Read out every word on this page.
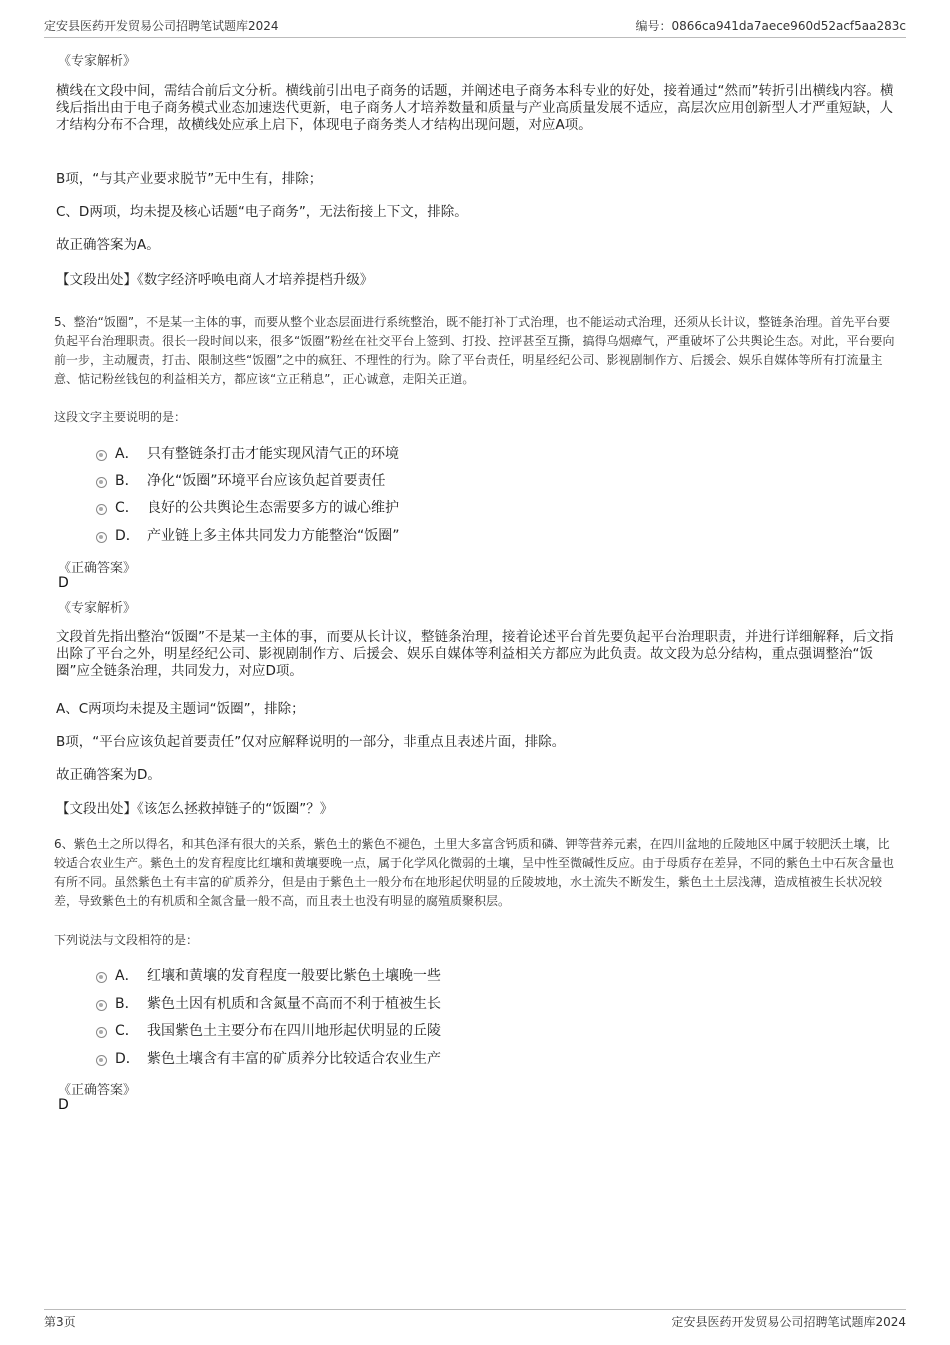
定安县医药开发贸易公司招聘笔试题库2024	编号：0866ca941da7aece960d52acf5aa283c
《专家解析》
横线在文段中间，需结合前后文分析。横线前引出电子商务的话题，并阐述电子商务本科专业的好处，接着通过“然而”转折引出横线内容。横线后指出由于电子商务模式业态加速迭代更新，电子商务人才培养数量和质量与产业高质量发展不适应，高层次应用创新型人才严重短缺，人才结构分布不合理，故横线处应承上启下，体现电子商务类人才结构出现问题，对应A项。
B项，“与其产业要求脱节”无中生有，排除；
C、D两项，均未提及核心话题“电子商务”，无法衔接上下文，排除。
故正确答案为A。
【文段出处】《数字经济呼唤电商人才培养提档升级》
5、整治“饭圈”，不是某一主体的事，而要从整个业态层面进行系统整治，既不能打补丁式治理，也不能运动式治理，还须从长计议，整链条治理。首先平台要负起平台治理职责。很长一段时间以来，很多“饭圈”粉丝在社交平台上签到、打投、控评甚至互撕，搞得乌烟瘴气，严重破坏了公共舆论生态。对此，平台要向前一步，主动履责，打击、限制这些“饭圈”之中的疯狂、不理性的行为。除了平台责任，明星经纪公司、影视剧制作方、后援会、娱乐自媒体等所有打流量主意、惦记粉丝钱包的利益相关方，都应该“立正稍息”，正心诚意，走阳关正道。
这段文字主要说明的是：
A． 只有整链条打击才能实现风清气正的环境
B． 净化“饭圈”环境平台应该负起首要责任
C． 良好的公共舆论生态需要多方的诚心维护
D． 产业链上多主体共同发力方能整治“饭圈”
《正确答案》
D
《专家解析》
文段首先指出整治“饭圈”不是某一主体的事，而要从长计议，整链条治理，接着论述平台首先要负起平台治理职责，并进行详细解释，后文指出除了平台之外，明星经纪公司、影视剧制作方、后援会、娱乐自媒体等利益相关方都应为此负责。故文段为总分结构，重点强调整治“饭圈”应全链条治理，共同发力，对应D项。
A、C两项均未提及主题词“饭圈”，排除；
B项，“平台应该负起首要责任”仅对应解释说明的一部分，非重点且表述片面，排除。
故正确答案为D。
【文段出处】《该怎么拯救掉链子的“饭圈”？》
6、紫色土之所以得名，和其色泽有很大的关系，紫色土的紫色不褪色，土里大多富含钙质和磷、钾等营养元素，在四川盆地的丘陵地区中属于较肥沃土壤，比较适合农业生产。紫色土的发育程度比红壤和黄壤要晚一点，属于化学风化微弱的土壤，呈中性至微碱性反应。由于母质存在差异，不同的紫色土中石灰含量也有所不同。虽然紫色土有丰富的矿质养分，但是由于紫色土一般分布在地形起伏明显的丘陵坡地，水土流失不断发生，紫色土土层浅薄，造成植被生长状况较差，导致紫色土的有机质和全氮含量一般不高，而且表土也没有明显的腐殖质聚积层。
下列说法与文段相符的是：
A． 红壤和黄壤的发育程度一般要比紫色土壤晚一些
B． 紫色土因有机质和含氮量不高而不利于植被生长
C． 我国紫色土主要分布在四川地形起伏明显的丘陵
D． 紫色土壤含有丰富的矿质养分比较适合农业生产
《正确答案》
D
第3页	定安县医药开发贸易公司招聘笔试题库2024
